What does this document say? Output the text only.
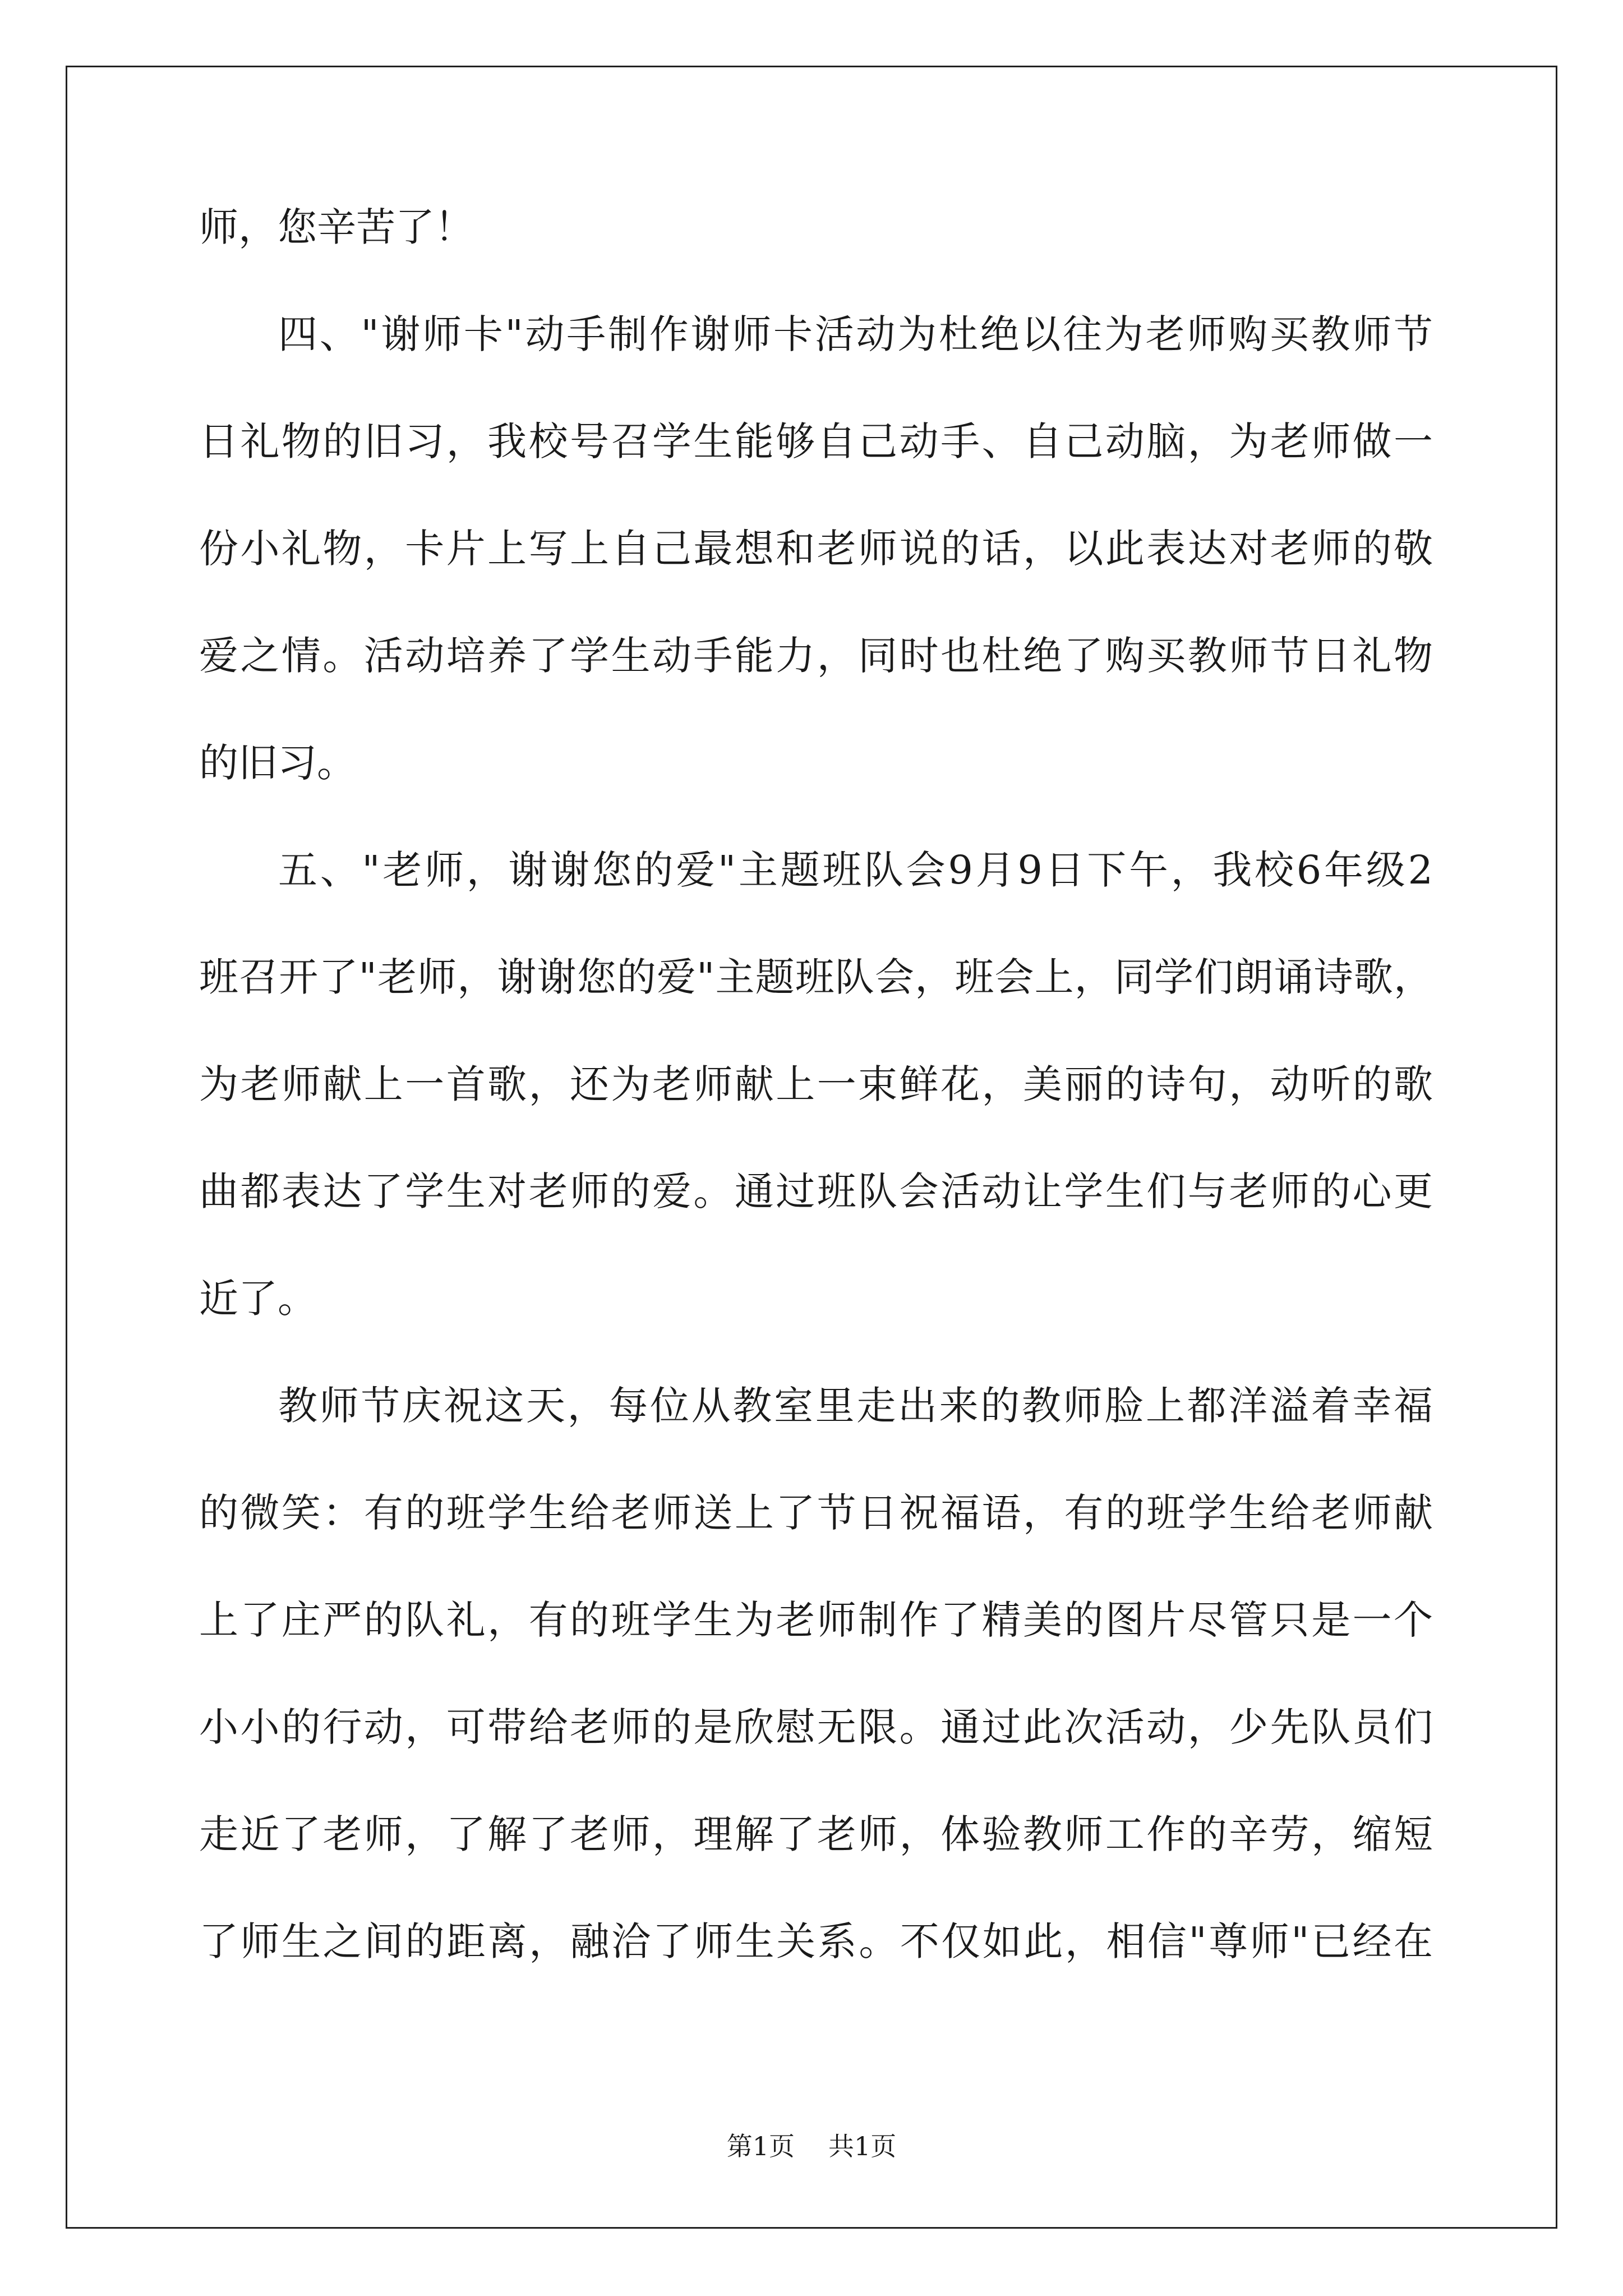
师，您辛苦了！
四、"谢师卡"动手制作谢师卡活动为杜绝以往为老师购买教师节
日礼物的旧习，我校号召学生能够自己动手、自己动脑，为老师做一
份小礼物，卡片上写上自己最想和老师说的话，以此表达对老师的敬
爱之情。活动培养了学生动手能力，同时也杜绝了购买教师节日礼物
的旧习。
五、"老师，谢谢您的爱"主题班队会9月9日下午，我校6年级2
班召开了"老师，谢谢您的爱"主题班队会，班会上，同学们朗诵诗歌，
为老师献上一首歌，还为老师献上一束鲜花，美丽的诗句，动听的歌
曲都表达了学生对老师的爱。通过班队会活动让学生们与老师的心更
近了。
教师节庆祝这天，每位从教室里走出来的教师脸上都洋溢着幸福
的微笑：有的班学生给老师送上了节日祝福语，有的班学生给老师献
上了庄严的队礼，有的班学生为老师制作了精美的图片尽管只是一个
小小的行动，可带给老师的是欣慰无限。通过此次活动，少先队员们
走近了老师，了解了老师，理解了老师，体验教师工作的辛劳，缩短
了师生之间的距离，融洽了师生关系。不仅如此，相信"尊师"已经在
第1页 共1页
